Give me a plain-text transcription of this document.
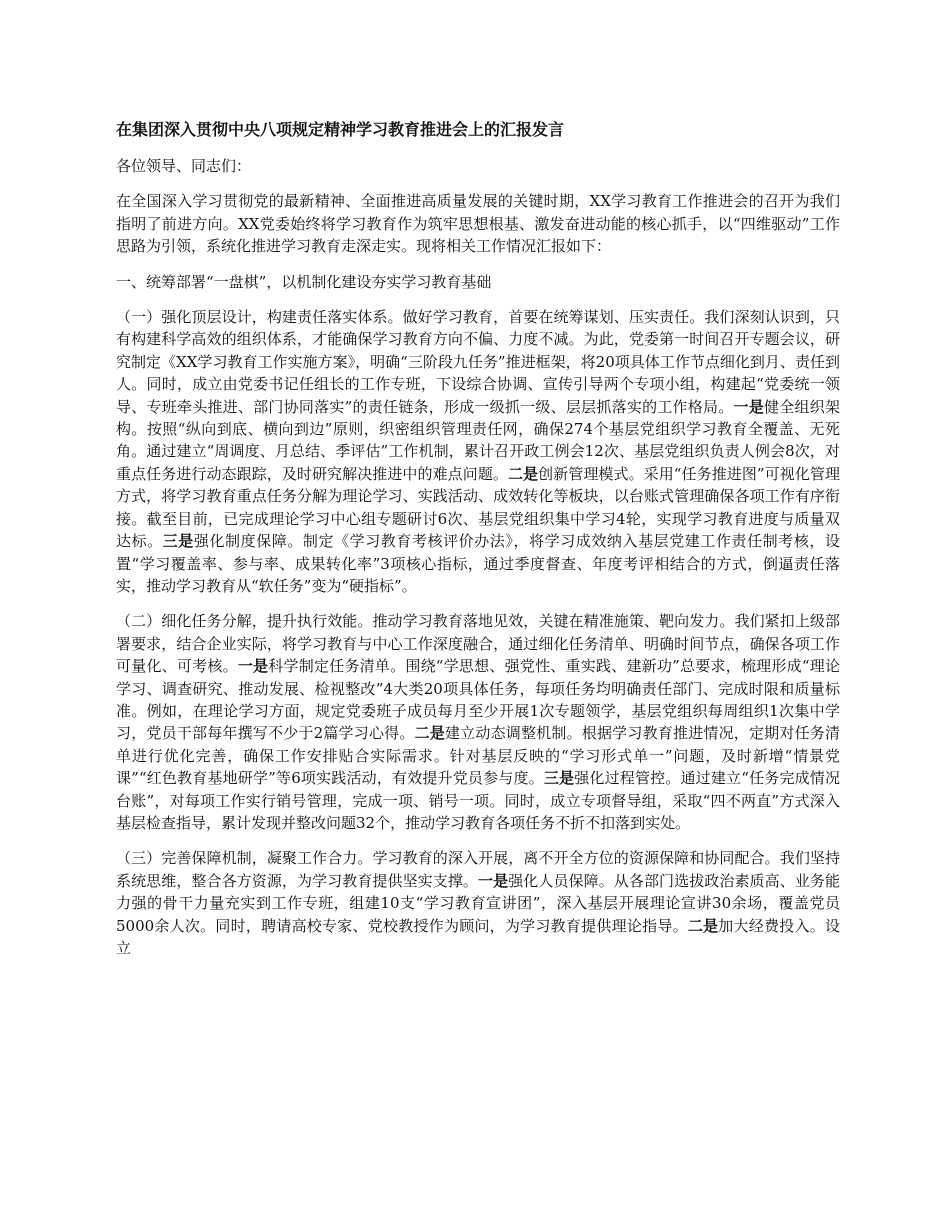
在集团深入贯彻中央八项规定精神学习教育推进会上的汇报发言
各位领导、同志们：
在全国深入学习贯彻党的最新精神、全面推进高质量发展的关键时期，XX学习教育工作推进会的召开为我们指明了前进方向。XX党委始终将学习教育作为筑牢思想根基、激发奋进动能的核心抓手，以“四维驱动”工作思路为引领，系统化推进学习教育走深走实。现将相关工作情况汇报如下：
一、统筹部署“一盘棋”，以机制化建设夯实学习教育基础
（一）强化顶层设计，构建责任落实体系。做好学习教育，首要在统筹谋划、压实责任。我们深刻认识到，只有构建科学高效的组织体系，才能确保学习教育方向不偏、力度不减。为此，党委第一时间召开专题会议，研究制定《XX学习教育工作实施方案》，明确“三阶段九任务”推进框架，将20项具体工作节点细化到月、责任到人。同时，成立由党委书记任组长的工作专班，下设综合协调、宣传引导两个专项小组，构建起“党委统一领导、专班牵头推进、部门协同落实”的责任链条，形成一级抓一级、层层抓落实的工作格局。一是健全组织架构。按照“纵向到底、横向到边”原则，织密组织管理责任网，确保274个基层党组织学习教育全覆盖、无死角。通过建立“周调度、月总结、季评估”工作机制，累计召开政工例会12次、基层党组织负责人例会8次，对重点任务进行动态跟踪，及时研究解决推进中的难点问题。二是创新管理模式。采用“任务推进图”可视化管理方式，将学习教育重点任务分解为理论学习、实践活动、成效转化等板块，以台账式管理确保各项工作有序衔接。截至目前，已完成理论学习中心组专题研讨6次、基层党组织集中学习4轮，实现学习教育进度与质量双达标。三是强化制度保障。制定《学习教育考核评价办法》，将学习成效纳入基层党建工作责任制考核，设置“学习覆盖率、参与率、成果转化率”3项核心指标，通过季度督查、年度考评相结合的方式，倒逼责任落实，推动学习教育从“软任务”变为“硬指标”。
（二）细化任务分解，提升执行效能。推动学习教育落地见效，关键在精准施策、靶向发力。我们紧扣上级部署要求，结合企业实际，将学习教育与中心工作深度融合，通过细化任务清单、明确时间节点，确保各项工作可量化、可考核。一是科学制定任务清单。围绕“学思想、强党性、重实践、建新功”总要求，梳理形成“理论学习、调查研究、推动发展、检视整改”4大类20项具体任务，每项任务均明确责任部门、完成时限和质量标准。例如，在理论学习方面，规定党委班子成员每月至少开展1次专题领学，基层党组织每周组织1次集中学习，党员干部每年撰写不少于2篇学习心得。二是建立动态调整机制。根据学习教育推进情况，定期对任务清单进行优化完善，确保工作安排贴合实际需求。针对基层反映的“学习形式单一”问题，及时新增“情景党课”“红色教育基地研学”等6项实践活动，有效提升党员参与度。三是强化过程管控。通过建立“任务完成情况台账”，对每项工作实行销号管理，完成一项、销号一项。同时，成立专项督导组，采取“四不两直”方式深入基层检查指导，累计发现并整改问题32个，推动学习教育各项任务不折不扣落到实处。
（三）完善保障机制，凝聚工作合力。学习教育的深入开展，离不开全方位的资源保障和协同配合。我们坚持系统思维，整合各方资源，为学习教育提供坚实支撑。一是强化人员保障。从各部门选拔政治素质高、业务能力强的骨干力量充实到工作专班，组建10支“学习教育宣讲团”，深入基层开展理论宣讲30余场，覆盖党员5000余人次。同时，聘请高校专家、党校教授作为顾问，为学习教育提供理论指导。二是加大经费投入。设立
